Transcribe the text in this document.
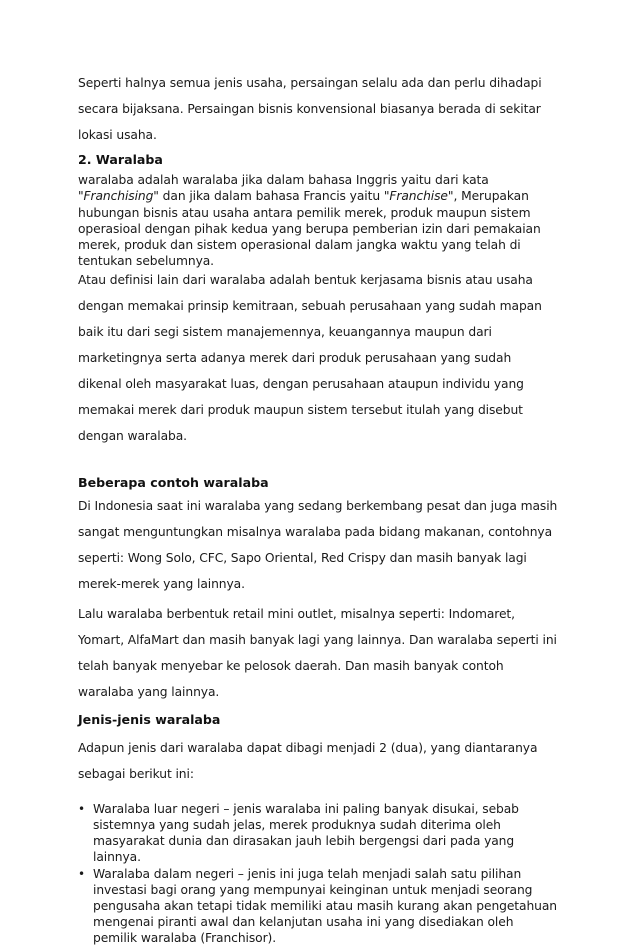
Seperti halnya semua jenis usaha, persaingan selalu ada dan perlu dihadapi secara bijaksana. Persaingan bisnis konvensional biasanya berada di sekitar lokasi usaha.

2. Waralaba

waralaba adalah waralaba jika dalam bahasa Inggris yaitu dari kata "Franchising" dan jika dalam bahasa Francis yaitu "Franchise", Merupakan hubungan bisnis atau usaha antara pemilik merek, produk maupun sistem operasioal dengan pihak kedua yang berupa pemberian izin dari pemakaian merek, produk dan sistem operasional dalam jangka waktu yang telah di tentukan sebelumnya.

Atau definisi lain dari waralaba adalah bentuk kerjasama bisnis atau usaha dengan memakai prinsip kemitraan, sebuah perusahaan yang sudah mapan baik itu dari segi sistem manajemennya, keuangannya maupun dari marketingnya serta adanya merek dari produk perusahaan yang sudah dikenal oleh masyarakat luas, dengan perusahaan ataupun individu yang memakai merek dari produk maupun sistem tersebut itulah yang disebut dengan waralaba.

Beberapa contoh waralaba

Di Indonesia saat ini waralaba yang sedang berkembang pesat dan juga masih sangat menguntungkan misalnya waralaba pada bidang makanan, contohnya seperti: Wong Solo, CFC, Sapo Oriental, Red Crispy dan masih banyak lagi merek-merek yang lainnya.

Lalu waralaba berbentuk retail mini outlet, misalnya seperti: Indomaret, Yomart, AlfaMart dan masih banyak lagi yang lainnya. Dan waralaba seperti ini telah banyak menyebar ke pelosok daerah. Dan masih banyak contoh waralaba yang lainnya.

Jenis-jenis waralaba

Adapun jenis dari waralaba dapat dibagi menjadi 2 (dua), yang diantaranya sebagai berikut ini:

• Waralaba luar negeri – jenis waralaba ini paling banyak disukai, sebab sistemnya yang sudah jelas, merek produknya sudah diterima oleh masyarakat dunia dan dirasakan jauh lebih bergengsi dari pada yang lainnya.
• Waralaba dalam negeri – jenis ini juga telah menjadi salah satu pilihan investasi bagi orang yang mempunyai keinginan untuk menjadi seorang pengusaha akan tetapi tidak memiliki atau masih kurang akan pengetahuan mengenai piranti awal dan kelanjutan usaha ini yang disediakan oleh pemilik waralaba (Franchisor).
